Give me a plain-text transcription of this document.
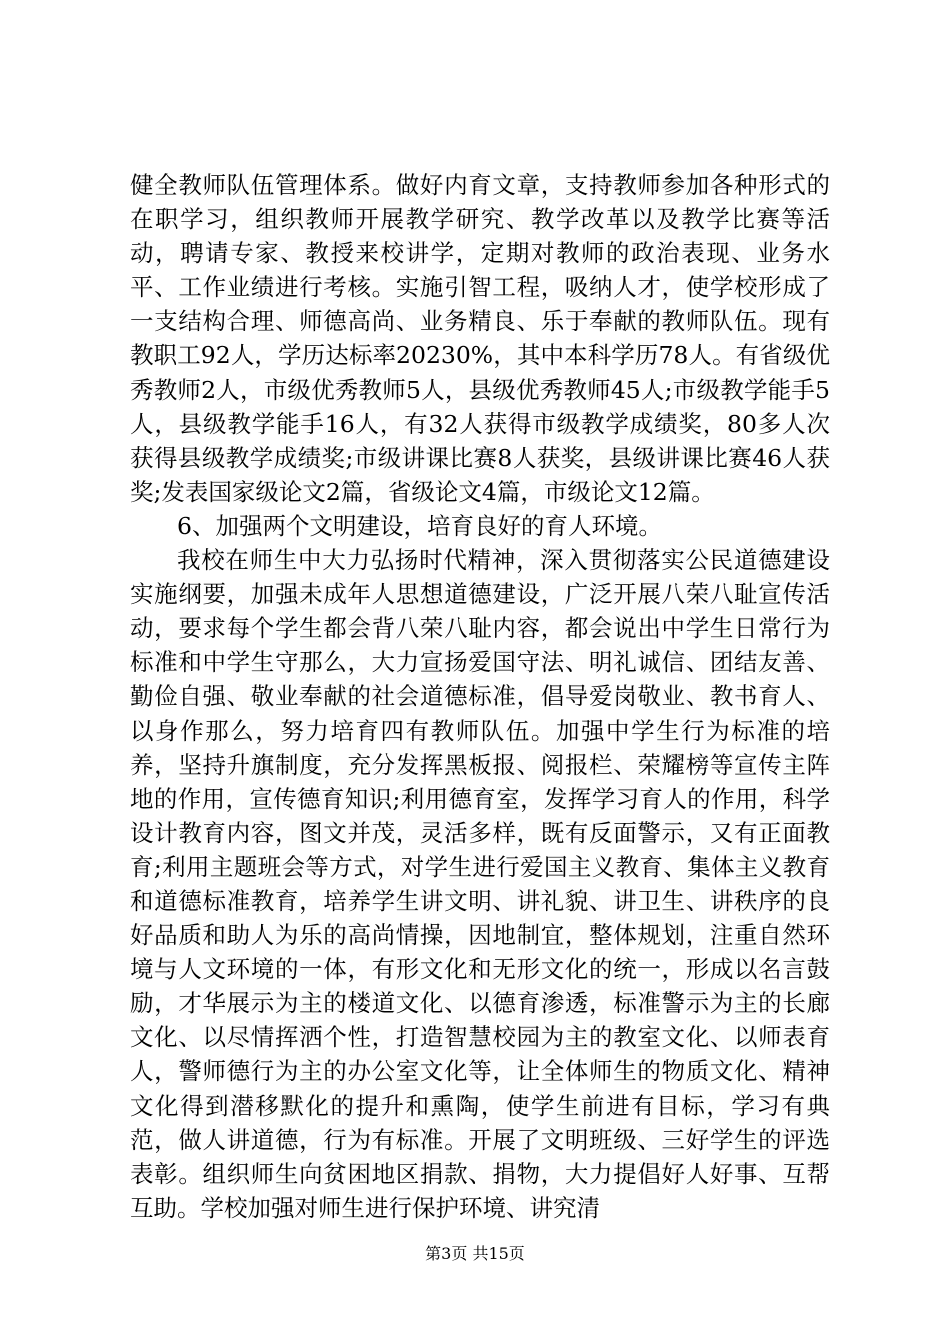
健全教师队伍管理体系。做好内育文章，支持教师参加各种形式的在职学习，组织教师开展教学研究、教学改革以及教学比赛等活动，聘请专家、教授来校讲学，定期对教师的政治表现、业务水平、工作业绩进行考核。实施引智工程，吸纳人才，使学校形成了一支结构合理、师德高尚、业务精良、乐于奉献的教师队伍。现有教职工92人，学历达标率20230%，其中本科学历78人。有省级优秀教师2人，市级优秀教师5人，县级优秀教师45人;市级教学能手5人，县级教学能手16人，有32人获得市级教学成绩奖，80多人次获得县级教学成绩奖;市级讲课比赛8人获奖，县级讲课比赛46人获奖;发表国家级论文2篇，省级论文4篇，市级论文12篇。

6、加强两个文明建设，培育良好的育人环境。

我校在师生中大力弘扬时代精神，深入贯彻落实公民道德建设实施纲要，加强未成年人思想道德建设，广泛开展八荣八耻宣传活动，要求每个学生都会背八荣八耻内容，都会说出中学生日常行为标准和中学生守那么，大力宣扬爱国守法、明礼诚信、团结友善、勤俭自强、敬业奉献的社会道德标准，倡导爱岗敬业、教书育人、以身作那么，努力培育四有教师队伍。加强中学生行为标准的培养，坚持升旗制度，充分发挥黑板报、阅报栏、荣耀榜等宣传主阵地的作用，宣传德育知识;利用德育室，发挥学习育人的作用，科学设计教育内容，图文并茂，灵活多样，既有反面警示，又有正面教育;利用主题班会等方式，对学生进行爱国主义教育、集体主义教育和道德标准教育，培养学生讲文明、讲礼貌、讲卫生、讲秩序的良好品质和助人为乐的高尚情操，因地制宜，整体规划，注重自然环境与人文环境的一体，有形文化和无形文化的统一，形成以名言鼓励，才华展示为主的楼道文化、以德育渗透，标准警示为主的长廊文化、以尽情挥洒个性，打造智慧校园为主的教室文化、以师表育人，警师德行为主的办公室文化等，让全体师生的物质文化、精神文化得到潜移默化的提升和熏陶，使学生前进有目标，学习有典范，做人讲道德，行为有标准。开展了文明班级、三好学生的评选表彰。组织师生向贫困地区捐款、捐物，大力提倡好人好事、互帮互助。学校加强对师生进行保护环境、讲究清

第3页 共15页
